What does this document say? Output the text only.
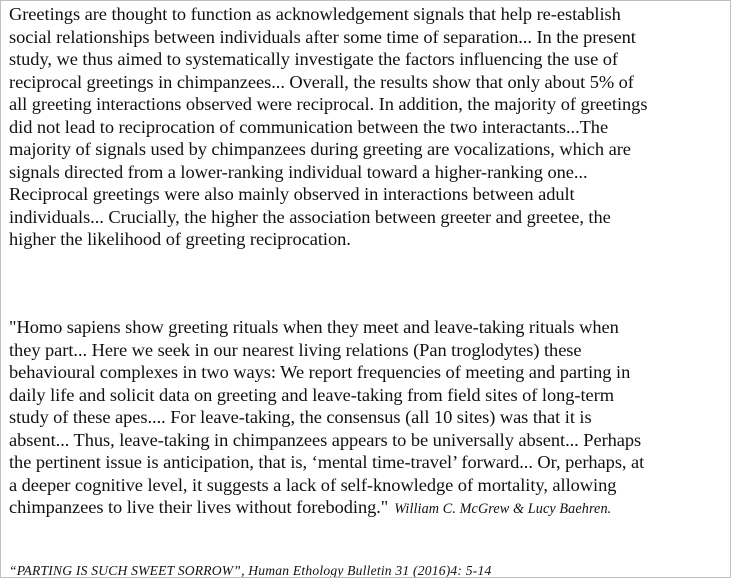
Greetings are thought to function as acknowledgement signals that help re-establish
social relationships between individuals after some time of separation... In the present
study, we thus aimed to systematically investigate the factors influencing the use of
reciprocal greetings in chimpanzees... Overall, the results show that only about 5% of
all greeting interactions observed were reciprocal. In addition, the majority of greetings
did not lead to reciprocation of communication between the two interactants...The
majority of signals used by chimpanzees during greeting are vocalizations, which are
signals directed from a lower-ranking individual toward a higher-ranking one...
Reciprocal greetings were also mainly observed in interactions between adult
individuals... Crucially, the higher the association between greeter and greetee, the
higher the likelihood of greeting reciprocation.

"Homo sapiens show greeting rituals when they meet and leave-taking rituals when
they part... Here we seek in our nearest living relations (Pan troglodytes) these
behavioural complexes in two ways: We report frequencies of meeting and parting in
daily life and solicit data on greeting and leave-taking from field sites of long-term
study of these apes.... For leave-taking, the consensus (all 10 sites) was that it is
absent... Thus, leave-taking in chimpanzees appears to be universally absent... Perhaps
the pertinent issue is anticipation, that is, ‘mental time-travel’ forward... Or, perhaps, at
a deeper cognitive level, it suggests a lack of self-knowledge of mortality, allowing
chimpanzees to live their lives without foreboding." William C. McGrew & Lucy Baehren.

“PARTING IS SUCH SWEET SORROW”, Human Ethology Bulletin 31 (2016)4: 5-14
